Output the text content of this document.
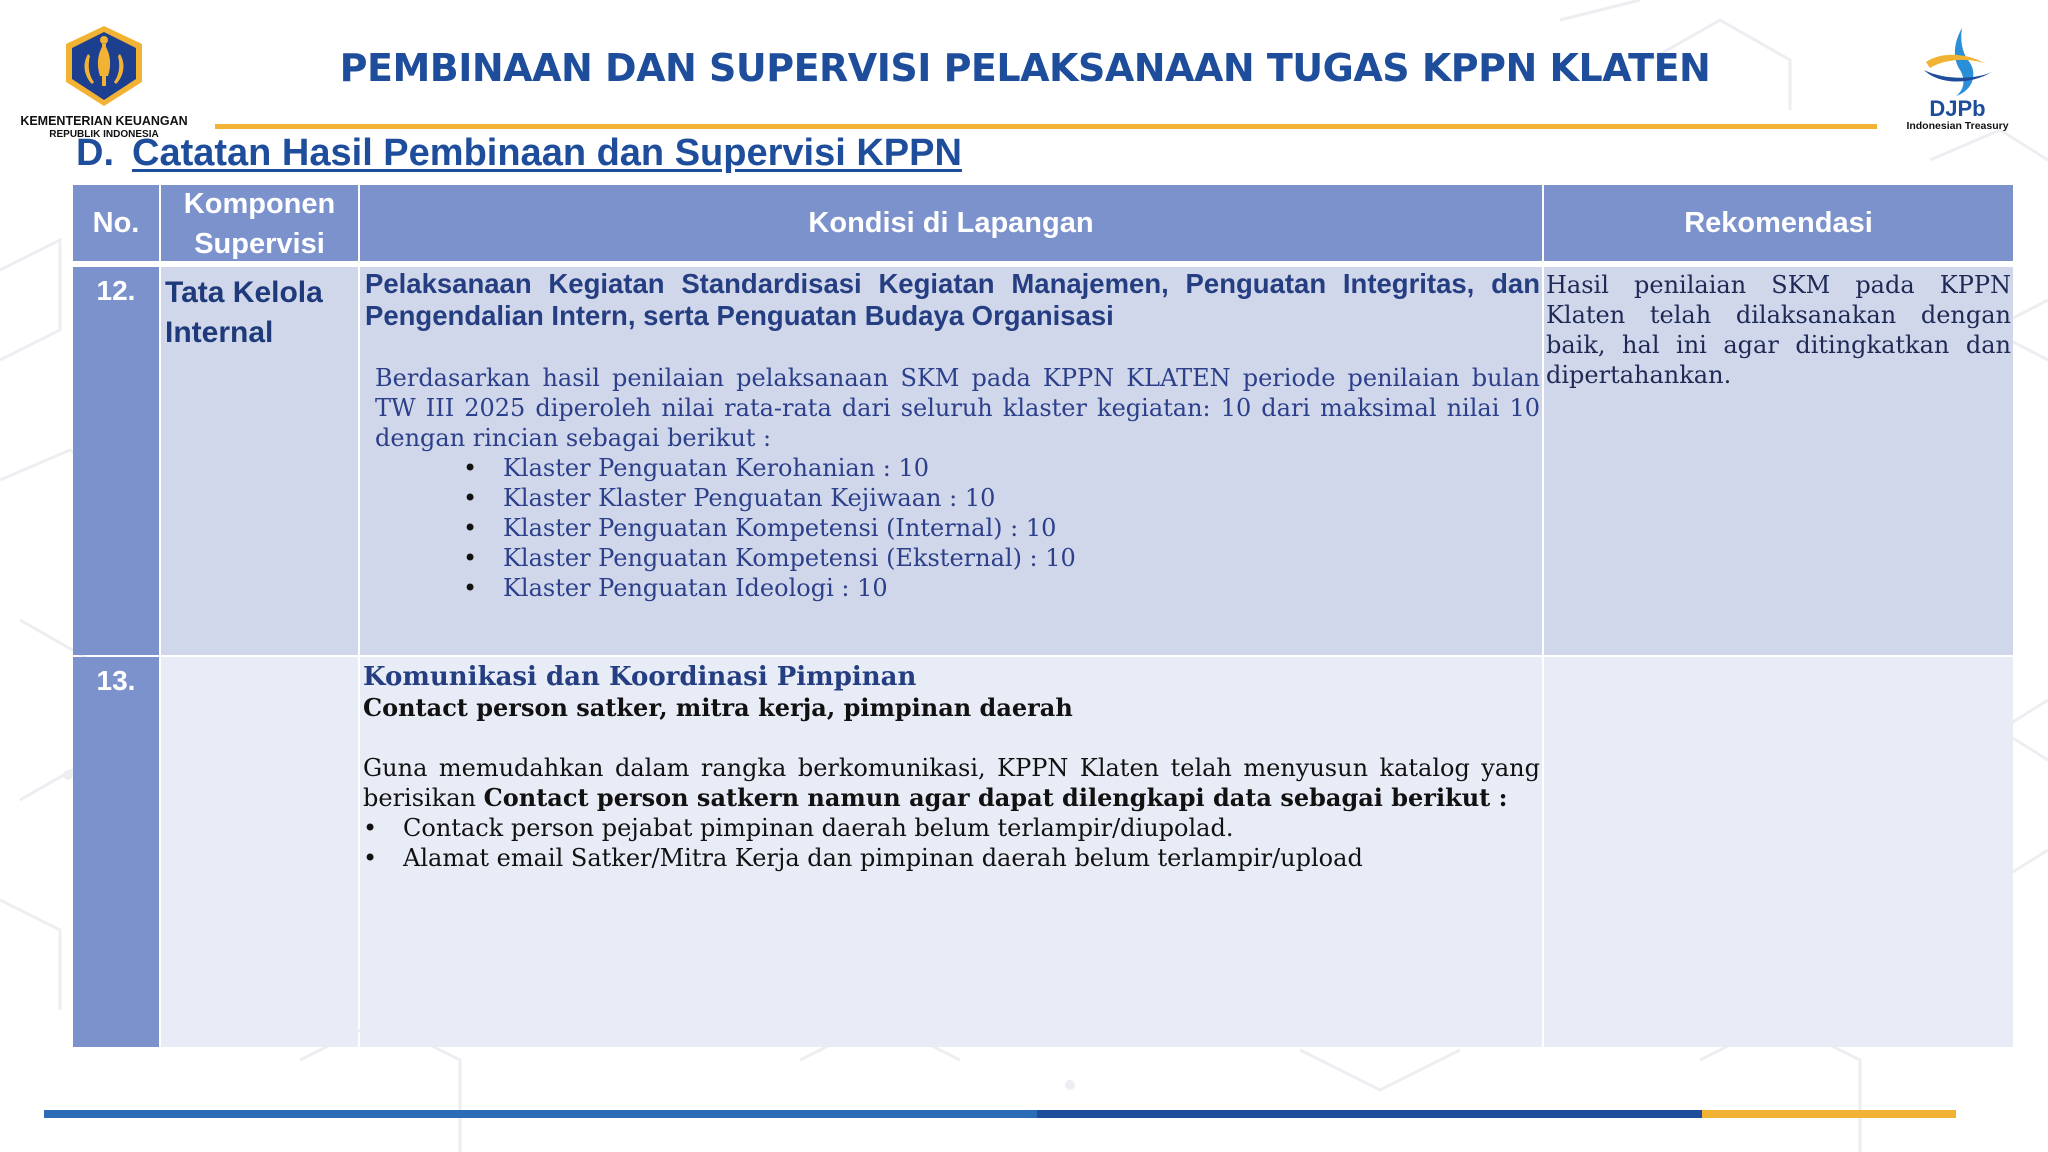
KEMENTERIAN KEUANGAN
REPUBLIK INDONESIA
PEMBINAAN DAN SUPERVISI PELAKSANAAN TUGAS KPPN KLATEN
DJPb
Indonesian Treasury
D. Catatan Hasil Pembinaan dan Supervisi KPPN
No.
Komponen Supervisi
Kondisi di Lapangan	Rekomendasi
12. Tata Kelola Internal
Pelaksanaan Kegiatan Standardisasi Kegiatan Manajemen, Penguatan Integritas, dan Pengendalian Intern, serta Penguatan Budaya Organisasi
Berdasarkan hasil penilaian pelaksanaan SKM pada KPPN KLATEN periode penilaian bulan TW III 2025 diperoleh nilai rata-rata dari seluruh klaster kegiatan: 10 dari maksimal nilai 10 dengan rincian sebagai berikut :
• Klaster Penguatan Kerohanian : 10
• Klaster Klaster Penguatan Kejiwaan : 10
• Klaster Penguatan Kompetensi (Internal) : 10
• Klaster Penguatan Kompetensi (Eksternal) : 10
• Klaster Penguatan Ideologi : 10
Hasil penilaian SKM pada KPPN Klaten telah dilaksanakan dengan baik, hal ini agar ditingkatkan dan dipertahankan.
13.	Komunikasi dan Koordinasi Pimpinan
Contact person satker, mitra kerja, pimpinan daerah
Guna memudahkan dalam rangka berkomunikasi, KPPN Klaten telah menyusun katalog yang berisikan Contact person satkern namun agar dapat dilengkapi data sebagai berikut :
• Contack person pejabat pimpinan daerah belum terlampir/diupolad.
• Alamat email Satker/Mitra Kerja dan pimpinan daerah belum terlampir/upload
